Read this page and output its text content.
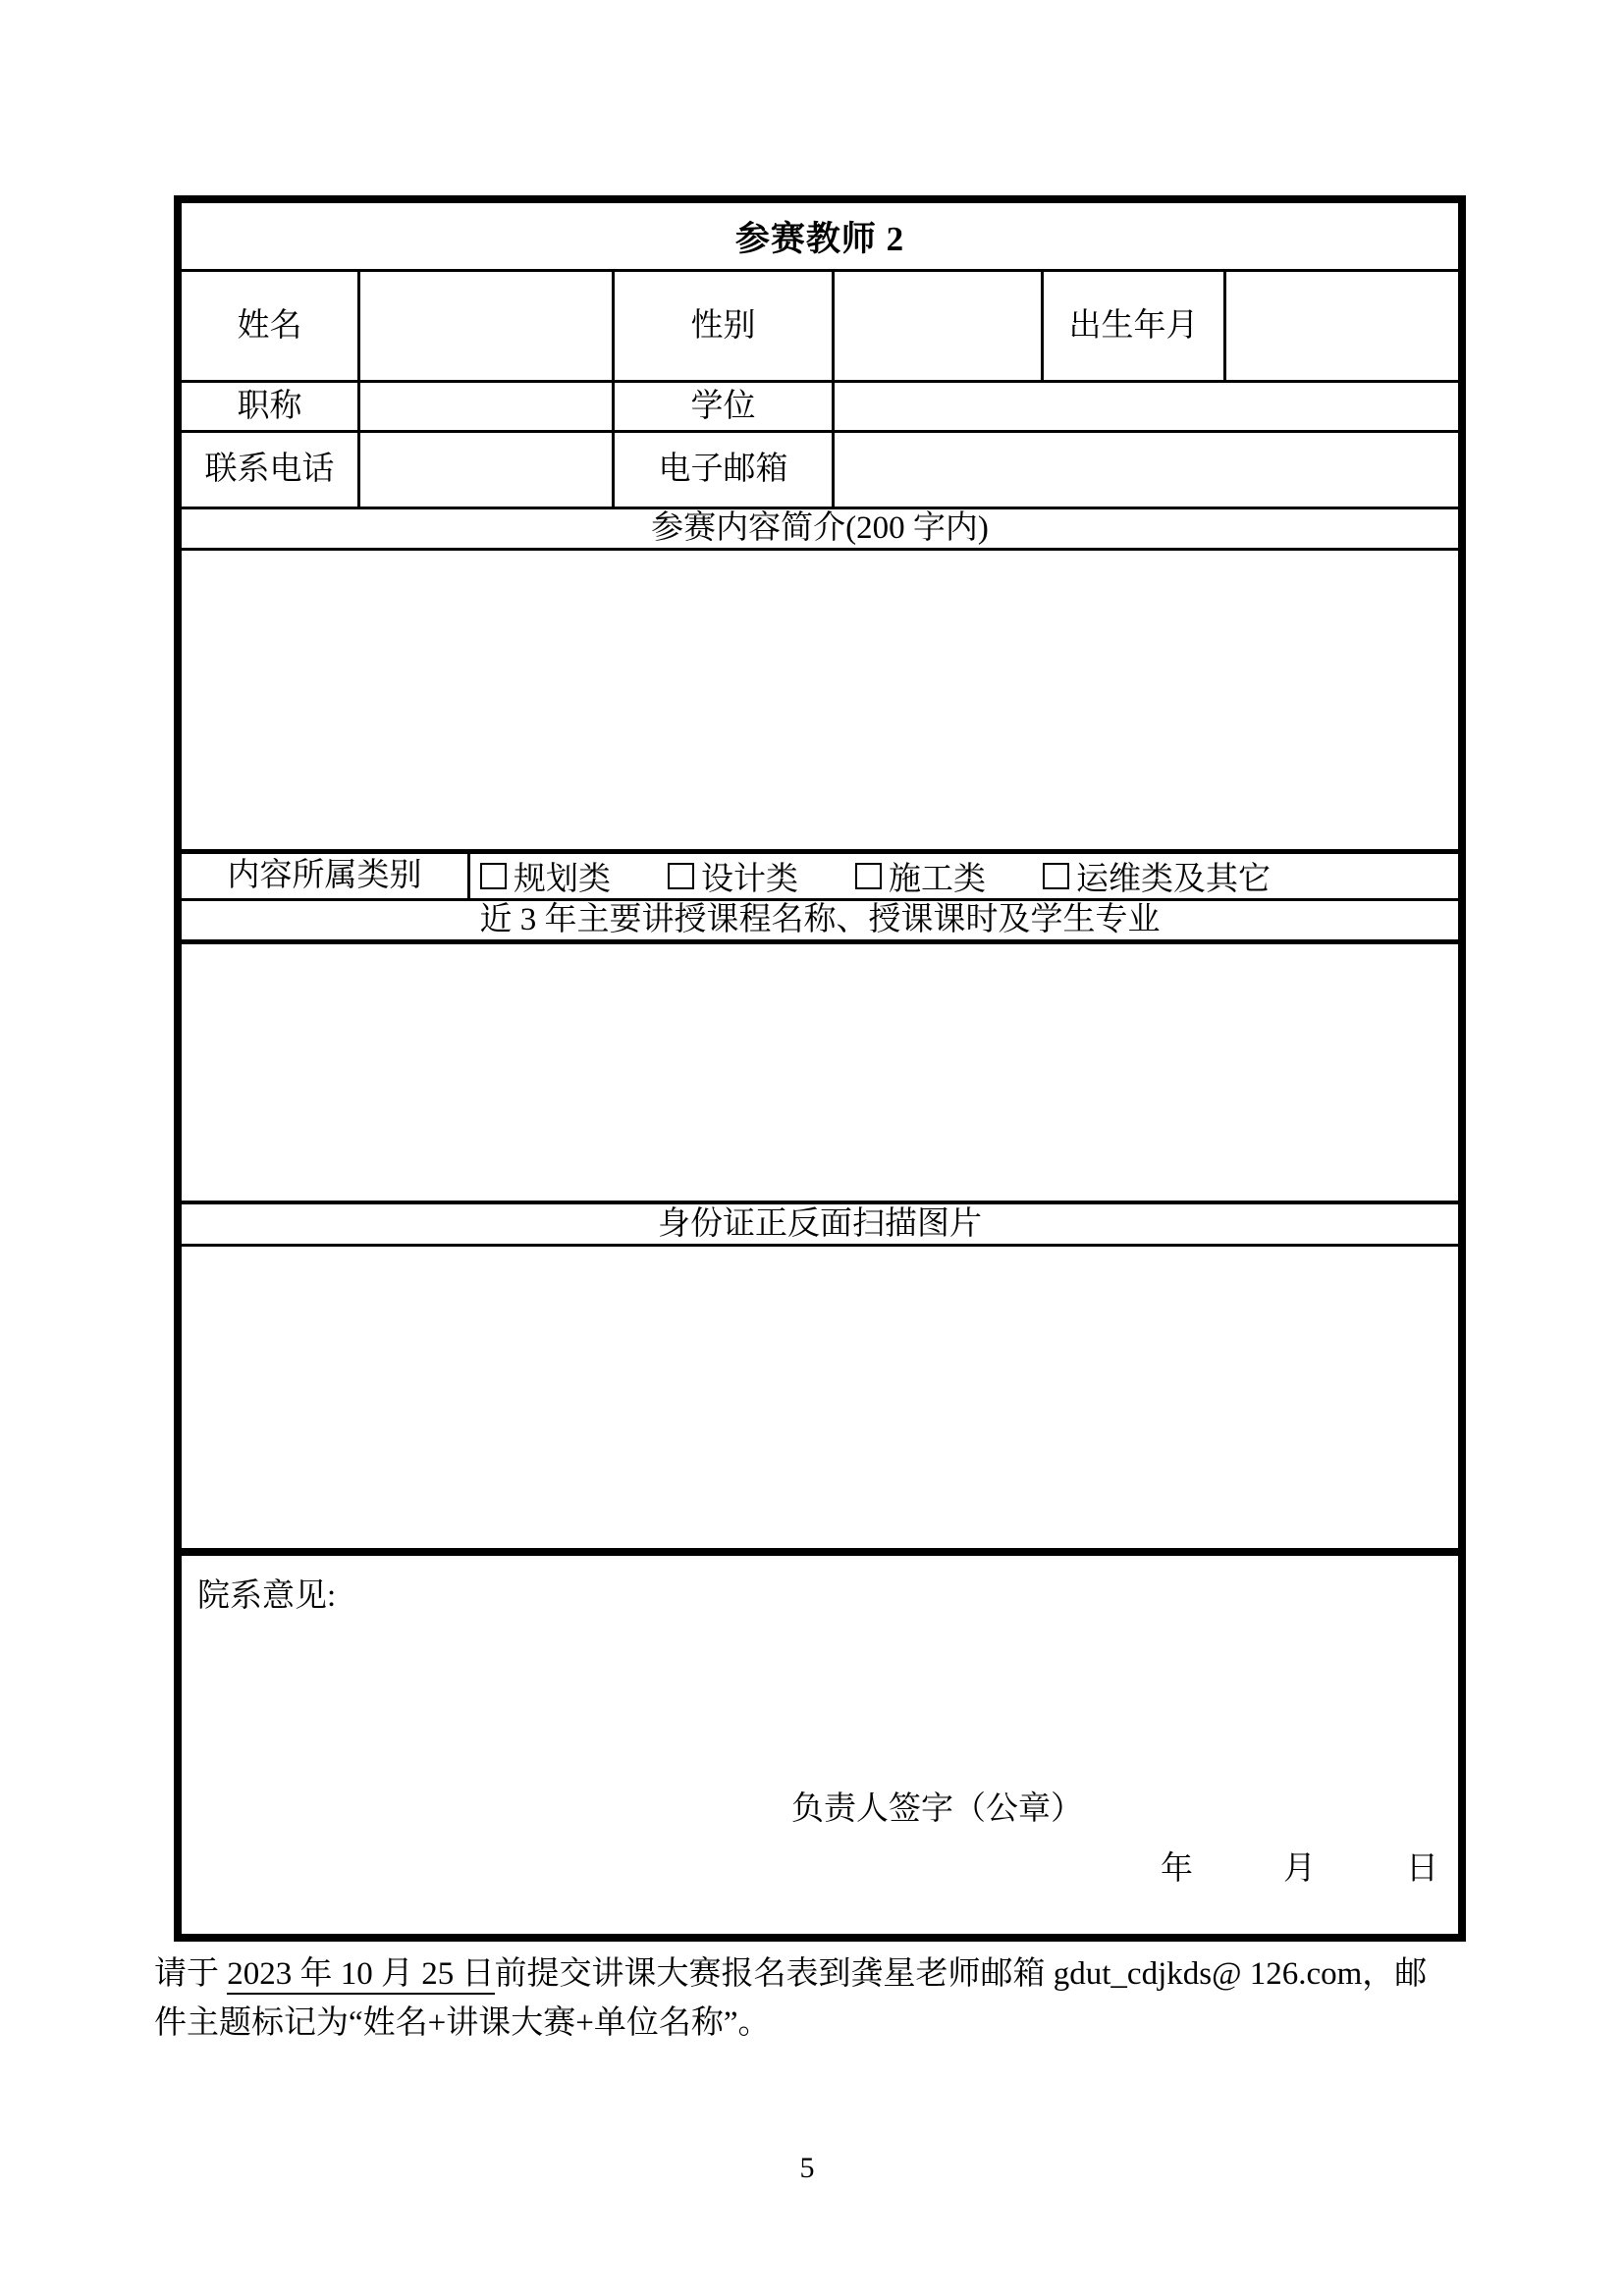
参赛教师 2
姓名	性别	出生年月
职称	学位
联系电话	电子邮箱
参赛内容简介(200 字内)
内容所属类别	规划类	设计类	施工类	运维类及其它
近 3 年主要讲授课程名称、授课课时及学生专业
身份证正反面扫描图片
院系意见:
负责人签字（公章）
年	月	日
请于 2023 年 10 月 25 日前提交讲课大赛报名表到龚星老师邮箱 gdut_cdjkds@ 126.com，邮
件主题标记为“姓名+讲课大赛+单位名称”。
5
